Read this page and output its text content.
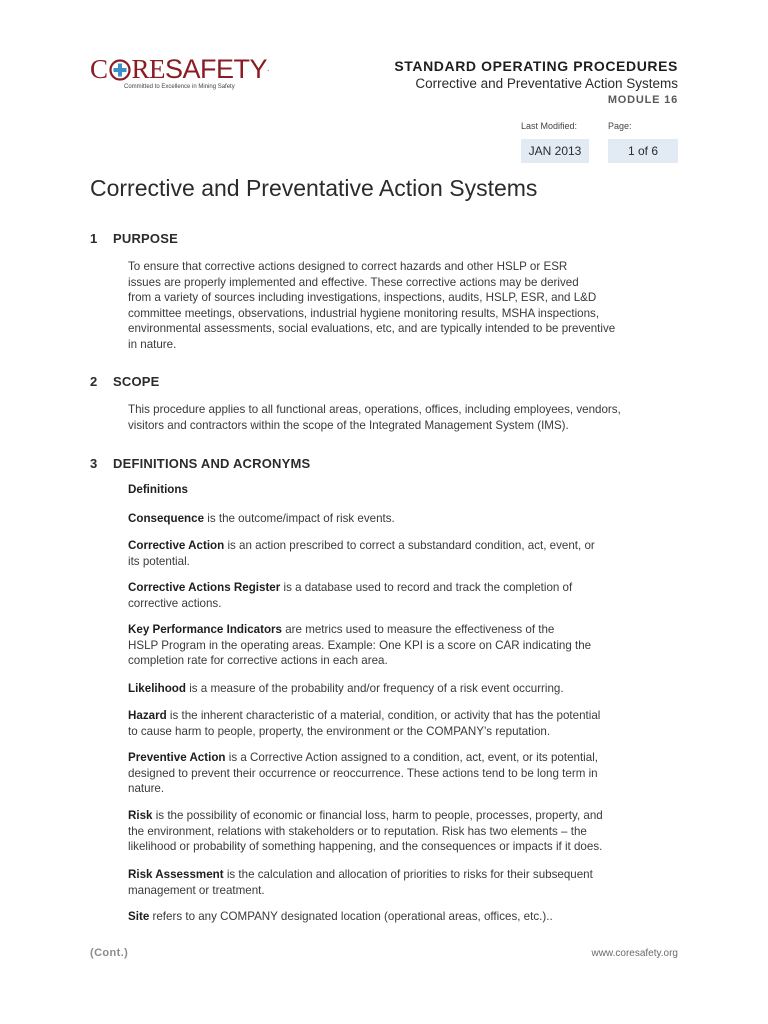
C RESAFETY.
Committed to Excellence in Mining Safety
STANDARD OPERATING PROCEDURES
Corrective and Preventative Action Systems
MODULE 16
Last Modified:	Page:
JAN 2013	1 of 6
Corrective and Preventative Action Systems
1 PURPOSE
To ensure that corrective actions designed to correct hazards and other HSLP or ESR
issues are properly implemented and effective. These corrective actions may be derived
from a variety of sources including investigations, inspections, audits, HSLP, ESR, and L&D
committee meetings, observations, industrial hygiene monitoring results, MSHA inspections,
environmental assessments, social evaluations, etc, and are typically intended to be preventive
in nature.
2 SCOPE
This procedure applies to all functional areas, operations, offices, including employees, vendors,
visitors and contractors within the scope of the Integrated Management System (IMS).
3 DEFINITIONS AND ACRONYMS
Definitions
Consequence is the outcome/impact of risk events.
Corrective Action is an action prescribed to correct a substandard condition, act, event, or
its potential.
Corrective Actions Register is a database used to record and track the completion of
corrective actions.
Key Performance Indicators are metrics used to measure the effectiveness of the
HSLP Program in the operating areas. Example: One KPI is a score on CAR indicating the
completion rate for corrective actions in each area.
Likelihood is a measure of the probability and/or frequency of a risk event occurring.
Hazard is the inherent characteristic of a material, condition, or activity that has the potential
to cause harm to people, property, the environment or the COMPANY’s reputation.
Preventive Action is a Corrective Action assigned to a condition, act, event, or its potential,
designed to prevent their occurrence or reoccurrence. These actions tend to be long term in
nature.
Risk is the possibility of economic or financial loss, harm to people, processes, property, and
the environment, relations with stakeholders or to reputation. Risk has two elements – the
likelihood or probability of something happening, and the consequences or impacts if it does.
Risk Assessment is the calculation and allocation of priorities to risks for their subsequent
management or treatment.
Site refers to any COMPANY designated location (operational areas, offices, etc.)..
(Cont.)	www.coresafety.org
